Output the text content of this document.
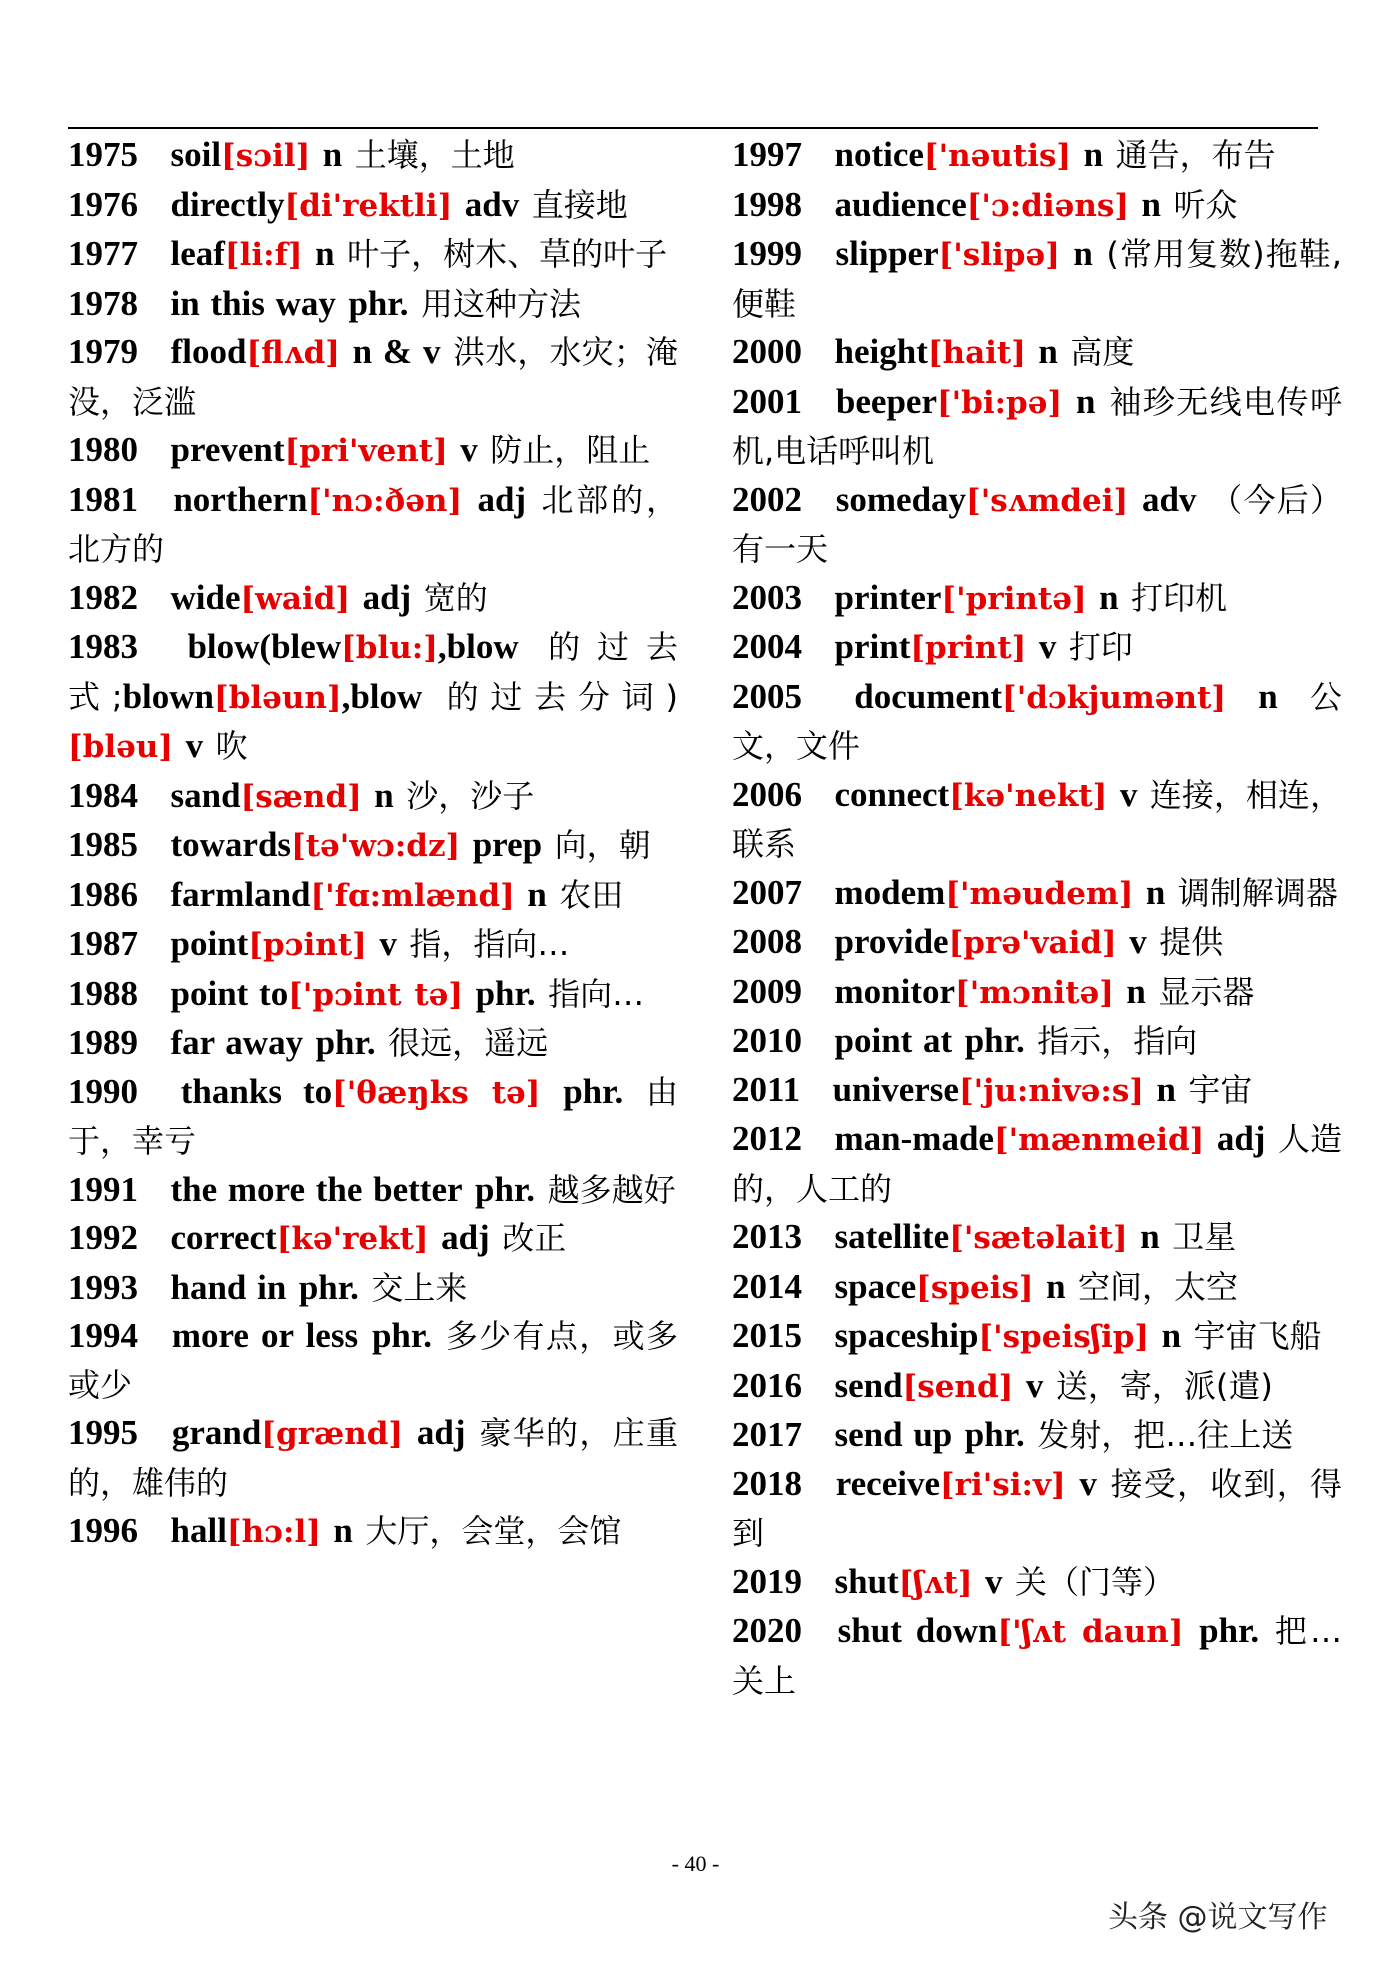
1975 soil[sɔil] n 土壤，土地
1976 directly[di'rektli] adv 直接地
1977 leaf[li:f] n 叶子，树木、草的叶子
1978 in this way phr. 用这种方法
1979 flood[flʌd] n & v 洪水，水灾；淹没，泛滥
1980 prevent[pri'vent] v 防止，阻止
1981 northern['nɔ:ðən] adj 北部的，北方的
1982 wide[waid] adj 宽的
1983 blow(blew[blu:],blow 的过去式;blown[bləun],blow 的过去分词) [bləu] v 吹
1984 sand[sænd] n 沙，沙子
1985 towards[tə'wɔ:dz] prep 向，朝
1986 farmland['fɑ:mlænd] n 农田
1987 point[pɔint] v 指，指向…
1988 point to['pɔint tə] phr. 指向…
1989 far away phr. 很远，遥远
1990 thanks to['θæŋks tə] phr. 由于，幸亏
1991 the more the better phr. 越多越好
1992 correct[kə'rekt] adj 改正
1993 hand in phr. 交上来
1994 more or less phr. 多少有点，或多或少
1995 grand[grænd] adj 豪华的，庄重的，雄伟的
1996 hall[hɔ:l] n 大厅，会堂，会馆
1997 notice['nəutis] n 通告，布告
1998 audience['ɔ:diəns] n 听众
1999 slipper['slipə] n (常用复数)拖鞋,便鞋
2000 height[hait] n 高度
2001 beeper['bi:pə] n 袖珍无线电传呼机,电话呼叫机
2002 someday['sʌmdei] adv （今后）有一天
2003 printer['printə] n 打印机
2004 print[print] v 打印
2005 document['dɔkjumənt] n 公文，文件
2006 connect[kə'nekt] v 连接，相连，联系
2007 modem['məudem] n 调制解调器
2008 provide[prə'vaid] v 提供
2009 monitor['mɔnitə] n 显示器
2010 point at phr. 指示，指向
2011 universe['ju:nivə:s] n 宇宙
2012 man-made['mænmeid] adj 人造的，人工的
2013 satellite['sætəlait] n 卫星
2014 space[speis] n 空间，太空
2015 spaceship['speisʃip] n 宇宙飞船
2016 send[send] v 送，寄，派(遣)
2017 send up phr. 发射，把…往上送
2018 receive[ri'si:v] v 接受，收到，得到
2019 shut[ʃʌt] v 关（门等）
2020 shut down['ʃʌt daun] phr. 把…关上
- 40 -
头条 @说文写作
